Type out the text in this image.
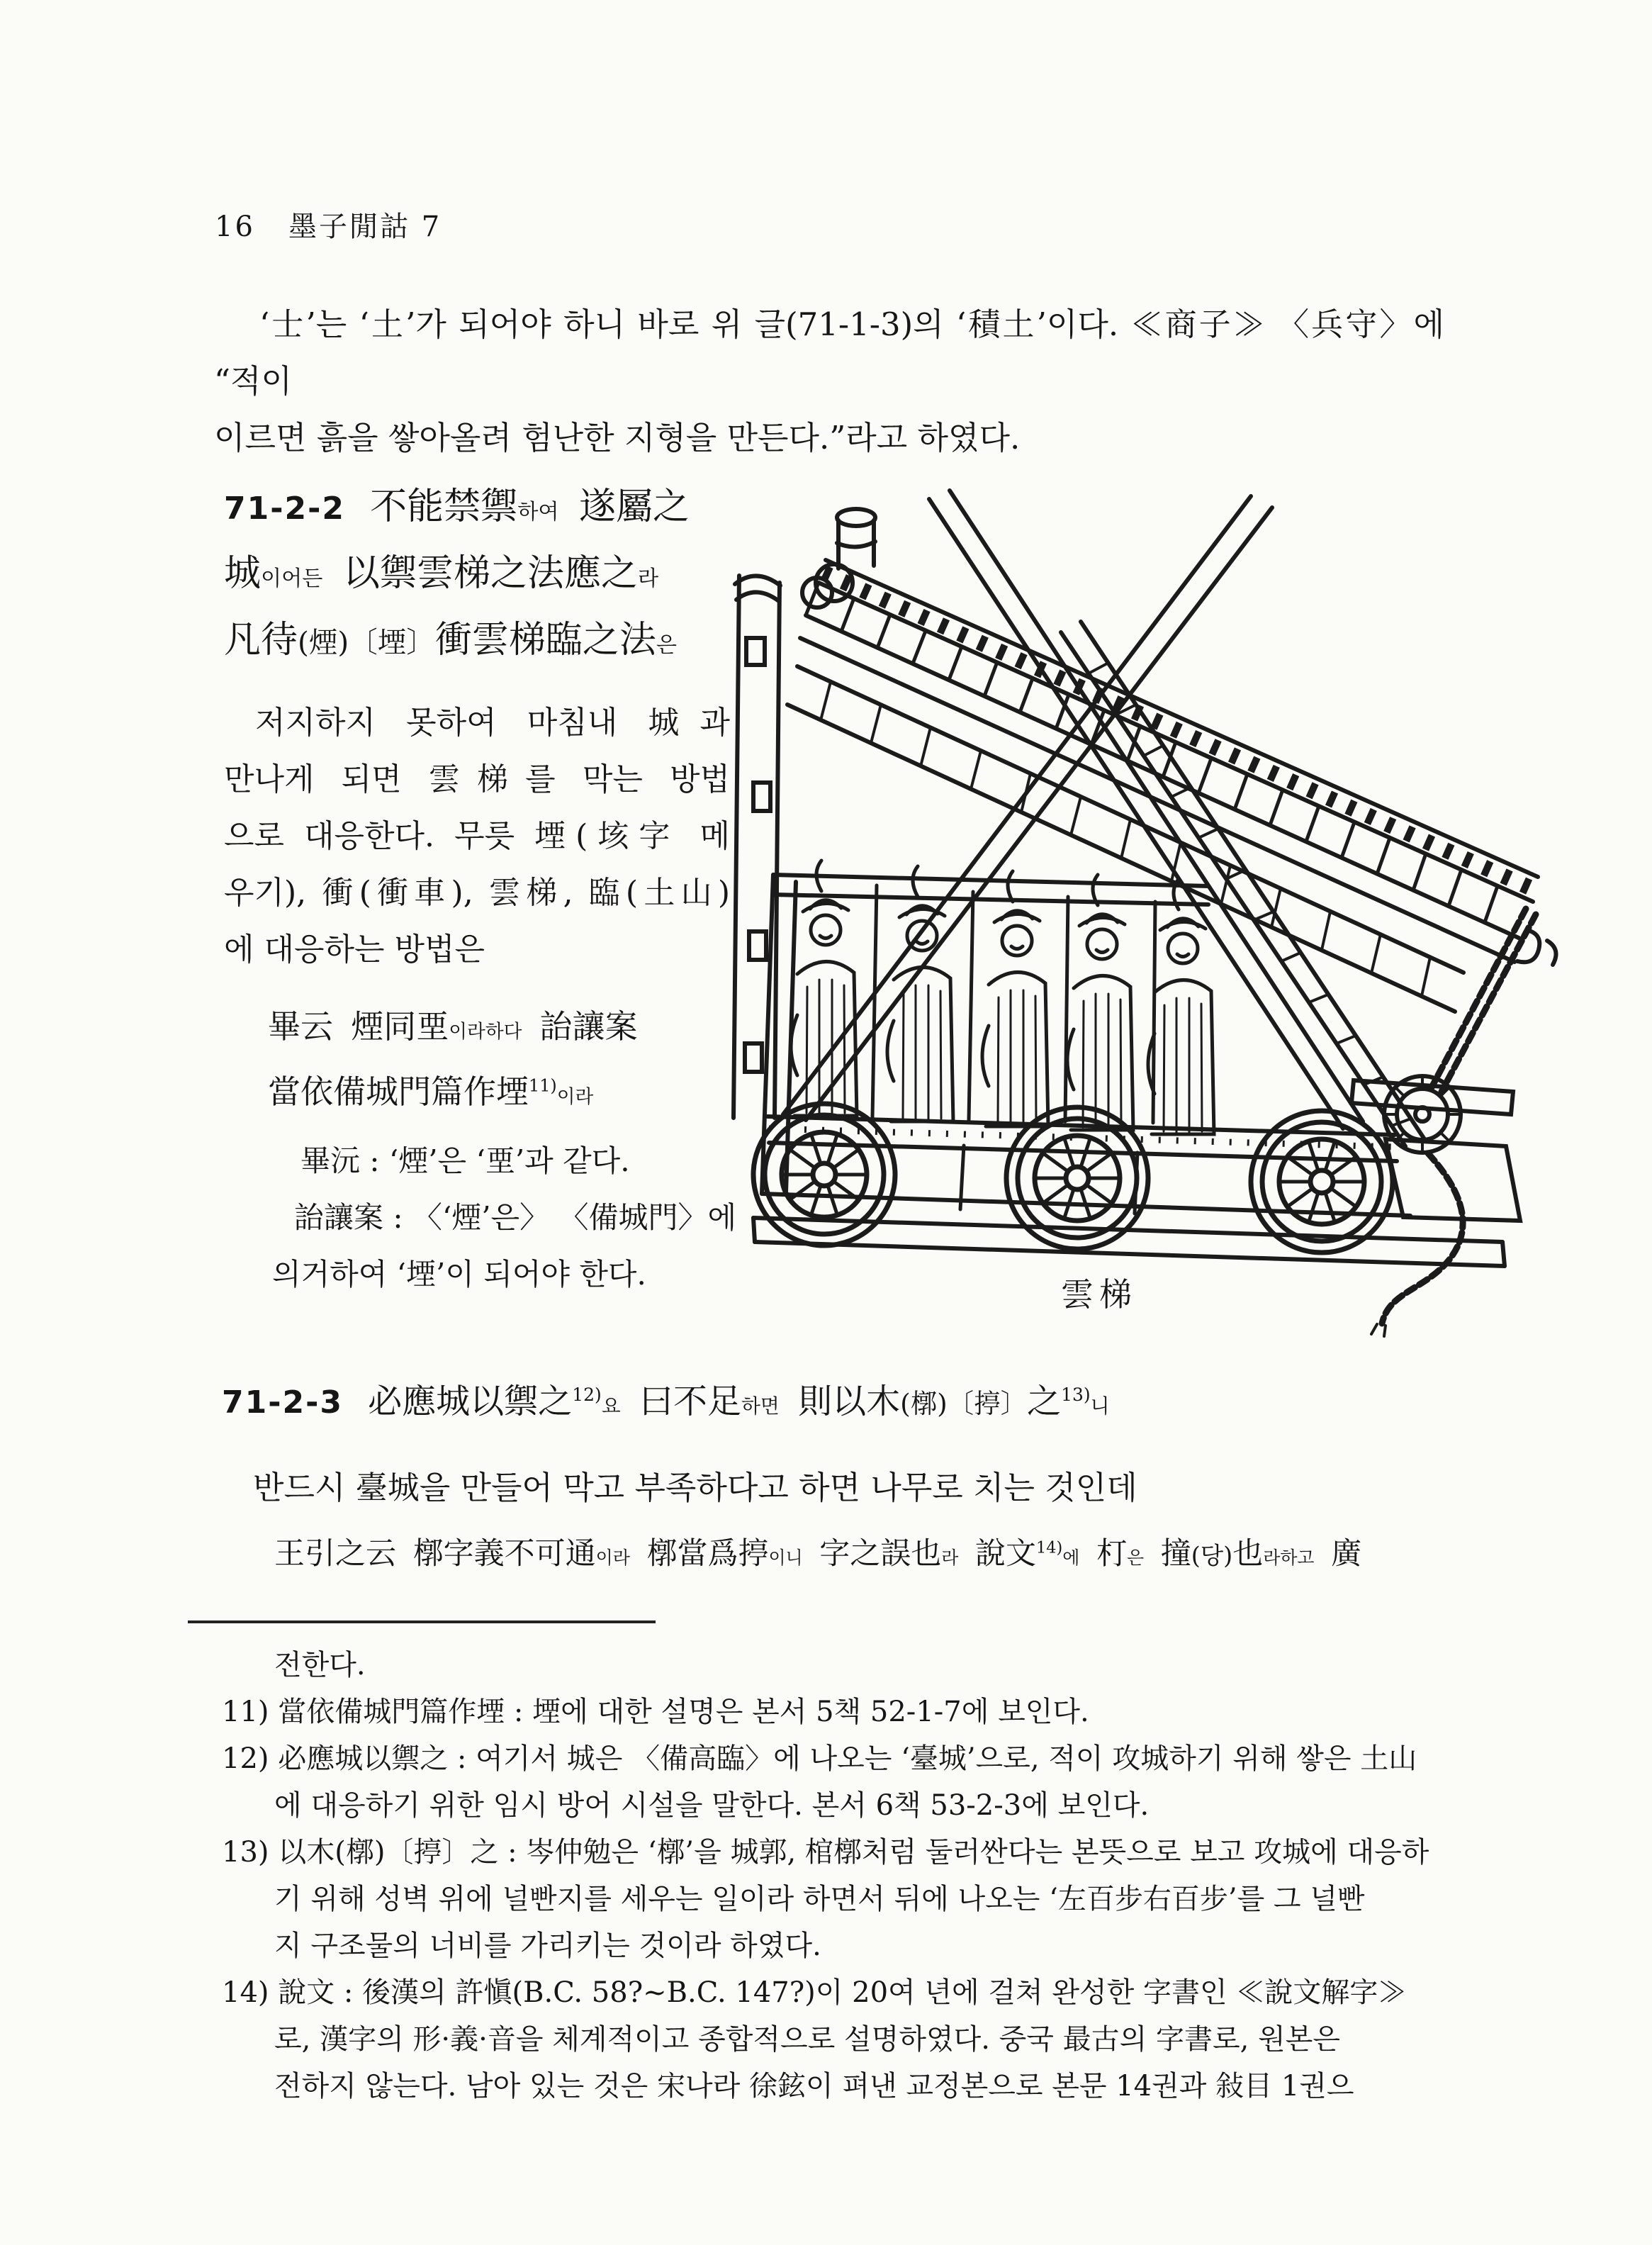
16   墨子閒詁 7
‘士’는 ‘土’가 되어야 하니 바로 위 글(71-1-3)의 ‘積土’이다. ≪商子≫ 〈兵守〉에 “적이
이르면 흙을 쌓아올려 험난한 지형을 만든다.”라고 하였다.
71-2-2 不能禁禦하여 遂屬之
城이어든 以禦雲梯之法應之라
凡待(煙)〔堙〕衝雲梯臨之法은
저지하지 못하여 마침내 城과
만나게 되면 雲梯를 막는 방법
으로 대응한다. 무릇 堙(垓字 메
우기), 衝(衝車), 雲梯, 臨(土山)
에 대응하는 방법은
畢云 煙同垔이라하다 詒讓案
當依備城門篇作堙$^{11)}$이라
畢沅 : ‘煙’은 ‘垔’과 같다.
詒讓案 : 〈‘煙’은〉 〈備城門〉에
의거하여 ‘堙’이 되어야 한다.
雲梯
71-2-3 必應城以禦之$^{12)}$요 曰不足하면 則以木(槨)〔揨〕之$^{13)}$니
반드시 臺城을 만들어 막고 부족하다고 하면 나무로 치는 것인데
王引之云 槨字義不可通이라 槨當爲揨이니 字之誤也라 說文$^{14)}$에 朾은 撞(당)也라하고 廣
전한다.
11) 當依備城門篇作堙 : 堙에 대한 설명은 본서 5책 52-1-7에 보인다.
12) 必應城以禦之 : 여기서 城은 〈備高臨〉에 나오는 ‘臺城’으로, 적이 攻城하기 위해 쌓은 土山
에 대응하기 위한 임시 방어 시설을 말한다. 본서 6책 53-2-3에 보인다.
13) 以木(槨)〔揨〕之 : 岑仲勉은 ‘槨’을 城郭, 棺槨처럼 둘러싼다는 본뜻으로 보고 攻城에 대응하
기 위해 성벽 위에 널빤지를 세우는 일이라 하면서 뒤에 나오는 ‘左百步右百步’를 그 널빤
지 구조물의 너비를 가리키는 것이라 하였다.
14) 說文 : 後漢의 許愼(B.C. 58?~B.C. 147?)이 20여 년에 걸쳐 완성한 字書인 ≪說文解字≫
로, 漢字의 形·義·音을 체계적이고 종합적으로 설명하였다. 중국 最古의 字書로, 원본은
전하지 않는다. 남아 있는 것은 宋나라 徐鉉이 펴낸 교정본으로 본문 14권과 敍目 1권으
